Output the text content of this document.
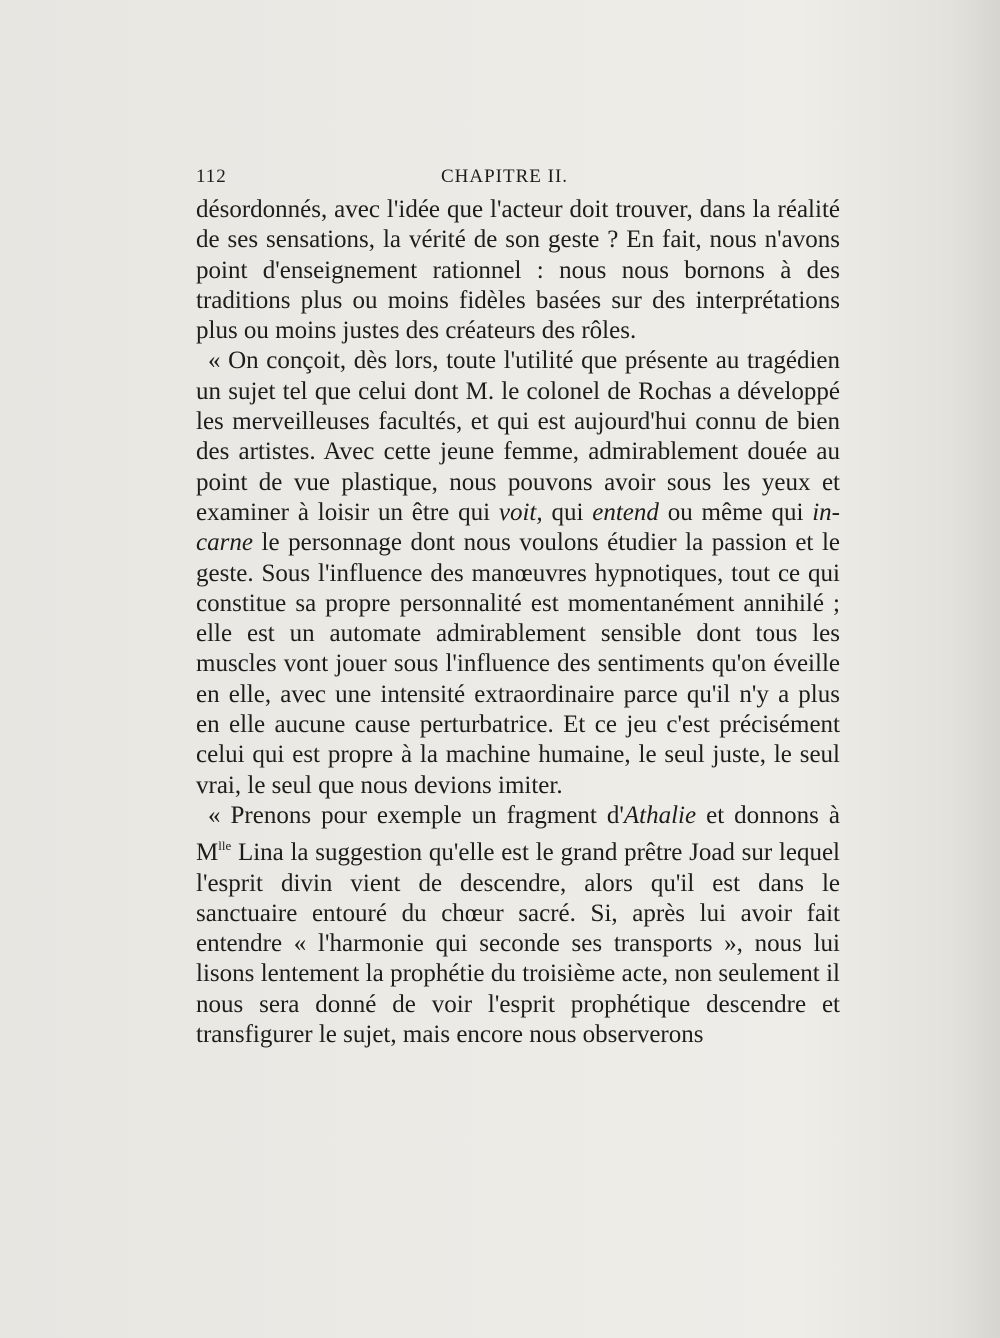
112	CHAPITRE II.

désordonnés, avec l'idée que l'acteur doit trouver, dans la réalité de ses sensations, la vérité de son geste ? En fait, nous n'avons point d'enseignement rationnel : nous nous bornons à des traditions plus ou moins fidèles basées sur des interprétations plus ou moins justes des créateurs des rôles.

« On conçoit, dès lors, toute l'utilité que présente au tragédien un sujet tel que celui dont M. le colonel de Rochas a développé les merveilleuses facultés, et qui est aujourd'hui connu de bien des artistes. Avec cette jeune femme, admirablement douée au point de vue plastique, nous pouvons avoir sous les yeux et examiner à loisir un être qui voit, qui entend ou même qui incarne le personnage dont nous voulons étudier la passion et le geste. Sous l'influence des manœuvres hypnotiques, tout ce qui constitue sa propre personnalité est momentanément annihilé ; elle est un automate admirablement sensible dont tous les muscles vont jouer sous l'influence des sentiments qu'on éveille en elle, avec une intensité extraordinaire parce qu'il n'y a plus en elle aucune cause perturbatrice. Et ce jeu c'est précisément celui qui est propre à la machine humaine, le seul juste, le seul vrai, le seul que nous devions imiter.

« Prenons pour exemple un fragment d'Athalie et donnons à $M^{lle}$ Lina la suggestion qu'elle est le grand prêtre Joad sur lequel l'esprit divin vient de descendre, alors qu'il est dans le sanctuaire entouré du chœur sacré. Si, après lui avoir fait entendre « l'harmonie qui seconde ses transports », nous lui lisons lentement la prophétie du troisième acte, non seulement il nous sera donné de voir l'esprit prophétique descendre et transfigurer le sujet, mais encore nous observerons
